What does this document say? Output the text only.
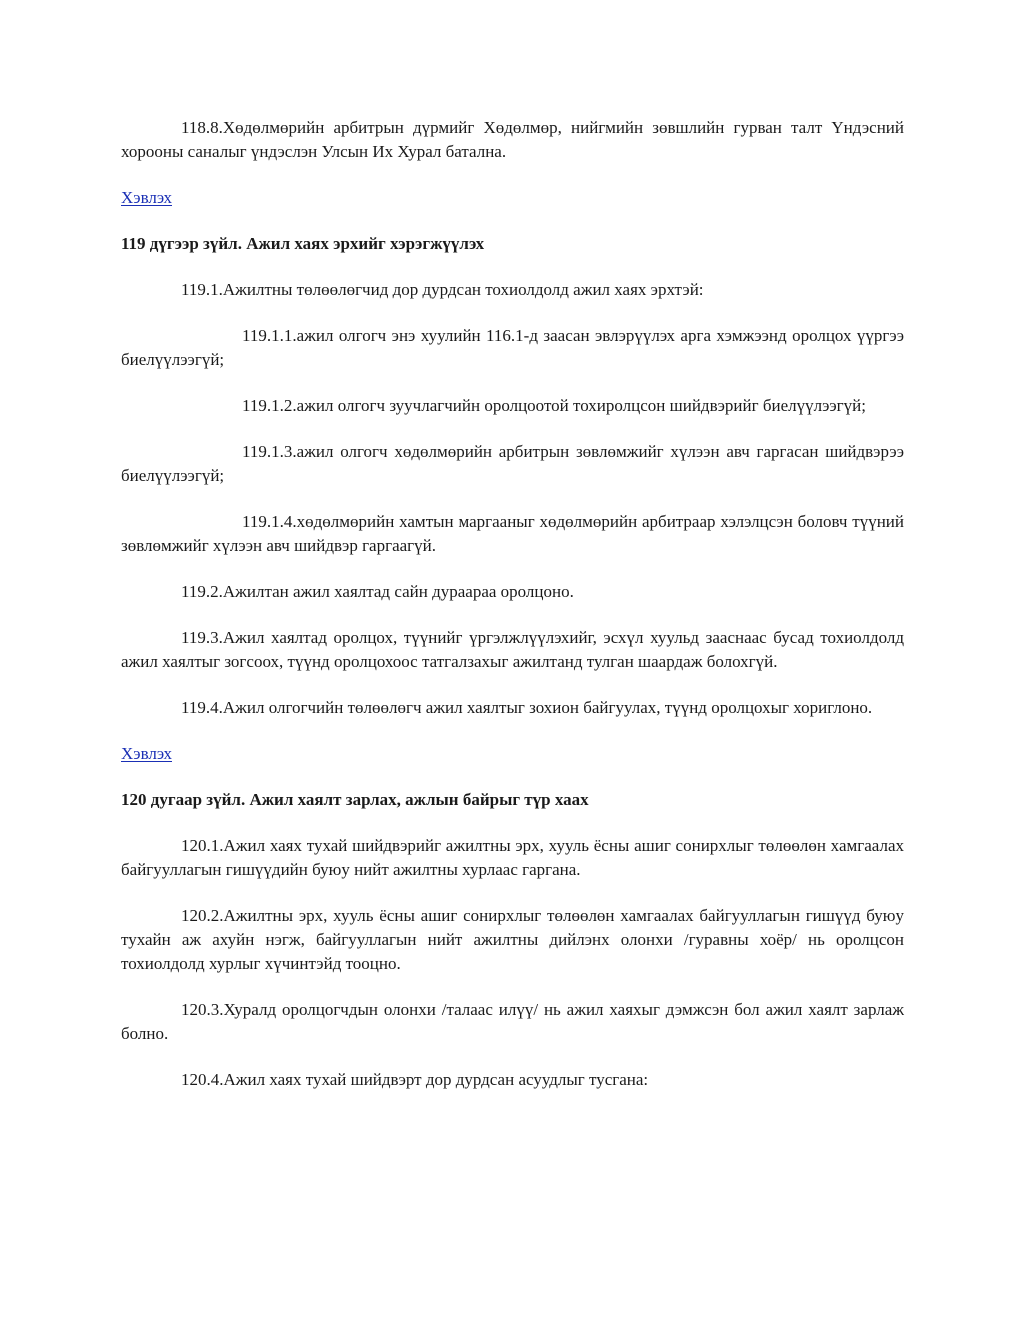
118.8.Хөдөлмөрийн арбитрын дүрмийг Хөдөлмөр, нийгмийн зөвшлийн гурван талт Үндэсний хорооны саналыг үндэслэн Улсын Их Хурал батална.

Хэвлэх

119 дүгээр зүйл. Ажил хаях эрхийг хэрэгжүүлэх

119.1.Ажилтны төлөөлөгчид дор дурдсан тохиолдолд ажил хаях эрхтэй:

119.1.1.ажил олгогч энэ хуулийн 116.1-д заасан эвлэрүүлэх арга хэмжээнд оролцох үүргээ биелүүлээгүй;

119.1.2.ажил олгогч зуучлагчийн оролцоотой тохиролцсон шийдвэрийг биелүүлээгүй;

119.1.3.ажил олгогч хөдөлмөрийн арбитрын зөвлөмжийг хүлээн авч гаргасан шийдвэрээ биелүүлээгүй;

119.1.4.хөдөлмөрийн хамтын маргааныг хөдөлмөрийн арбитраар хэлэлцсэн боловч түүний зөвлөмжийг хүлээн авч шийдвэр гаргаагүй.

119.2.Ажилтан ажил хаялтад сайн дураараа оролцоно.

119.3.Ажил хаялтад оролцох, түүнийг үргэлжлүүлэхийг, эсхүл хуульд зааснаас бусад тохиолдолд ажил хаялтыг зогсоох, түүнд оролцохоос татгалзахыг ажилтанд тулган шаардаж болохгүй.

119.4.Ажил олгогчийн төлөөлөгч ажил хаялтыг зохион байгуулах, түүнд оролцохыг хориглоно.

Хэвлэх

120 дугаар зүйл. Ажил хаялт зарлах, ажлын байрыг түр хаах

120.1.Ажил хаях тухай шийдвэрийг ажилтны эрх, хууль ёсны ашиг сонирхлыг төлөөлөн хамгаалах байгууллагын гишүүдийн буюу нийт ажилтны хурлаас гаргана.

120.2.Ажилтны эрх, хууль ёсны ашиг сонирхлыг төлөөлөн хамгаалах байгууллагын гишүүд буюу тухайн аж ахуйн нэгж, байгууллагын нийт ажилтны дийлэнх олонхи /гуравны хоёр/ нь оролцсон тохиолдолд хурлыг хүчинтэйд тооцно.

120.3.Хуралд оролцогчдын олонхи /талаас илүү/ нь ажил хаяхыг дэмжсэн бол ажил хаялт зарлаж болно.

120.4.Ажил хаях тухай шийдвэрт дор дурдсан асуудлыг тусгана:
